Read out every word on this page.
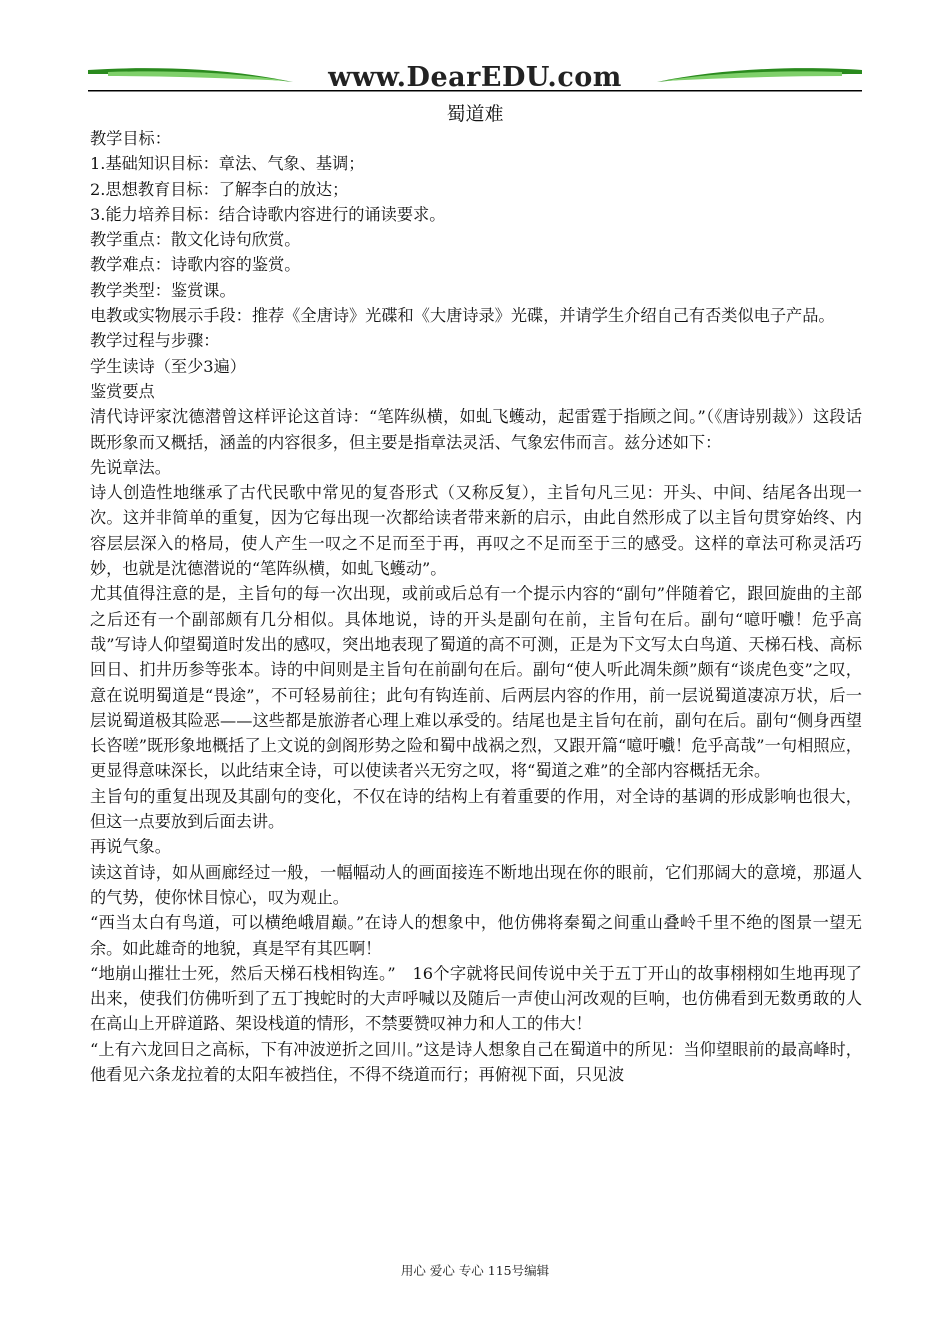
www.DearEDU.com
蜀道难

教学目标：

1.基础知识目标：章法、气象、基调；

2.思想教育目标：了解李白的放达；

3.能力培养目标：结合诗歌内容进行的诵读要求。

教学重点：散文化诗句欣赏。

教学难点：诗歌内容的鉴赏。

教学类型：鉴赏课。

电教或实物展示手段：推荐《全唐诗》光碟和《大唐诗录》光碟，并请学生介绍自己有否类似电子产品。

教学过程与步骤：

学生读诗（至少3遍）

鉴赏要点

清代诗评家沈德潜曾这样评论这首诗：“笔阵纵横，如虬飞蠖动，起雷霆于指顾之间。”（《唐诗别裁》）这段话既形象而又概括，涵盖的内容很多，但主要是指章法灵活、气象宏伟而言。兹分述如下：

先说章法。

诗人创造性地继承了古代民歌中常见的复沓形式（又称反复），主旨句凡三见：开头、中间、结尾各出现一次。这并非简单的重复，因为它每出现一次都给读者带来新的启示，由此自然形成了以主旨句贯穿始终、内容层层深入的格局，使人产生一叹之不足而至于再，再叹之不足而至于三的感受。这样的章法可称灵活巧妙，也就是沈德潜说的“笔阵纵横，如虬飞蠖动”。

尤其值得注意的是，主旨句的每一次出现，或前或后总有一个提示内容的“副句”伴随着它，跟回旋曲的主部之后还有一个副部颇有几分相似。具体地说，诗的开头是副句在前，主旨句在后。副句“噫吁嚱！危乎高哉”写诗人仰望蜀道时发出的感叹，突出地表现了蜀道的高不可测，正是为下文写太白鸟道、天梯石栈、高标回日、扪井历参等张本。诗的中间则是主旨句在前副句在后。副句“使人听此凋朱颜”颇有“谈虎色变”之叹，意在说明蜀道是“畏途”，不可轻易前往；此句有钩连前、后两层内容的作用，前一层说蜀道凄凉万状，后一层说蜀道极其险恶——这些都是旅游者心理上难以承受的。结尾也是主旨句在前，副句在后。副句“侧身西望长咨嗟”既形象地概括了上文说的剑阁形势之险和蜀中战祸之烈，又跟开篇“噫吁嚱！危乎高哉”一句相照应，更显得意味深长，以此结束全诗，可以使读者兴无穷之叹，将“蜀道之难”的全部内容概括无余。

主旨句的重复出现及其副句的变化，不仅在诗的结构上有着重要的作用，对全诗的基调的形成影响也很大，但这一点要放到后面去讲。

再说气象。

读这首诗，如从画廊经过一般，一幅幅动人的画面接连不断地出现在你的眼前，它们那阔大的意境，那逼人的气势，使你怵目惊心，叹为观止。

“西当太白有鸟道，可以横绝峨眉巅。”在诗人的想象中，他仿佛将秦蜀之间重山叠岭千里不绝的图景一望无余。如此雄奇的地貌，真是罕有其匹啊！

“地崩山摧壮士死，然后天梯石栈相钩连。”　16个字就将民间传说中关于五丁开山的故事栩栩如生地再现了出来，使我们仿佛听到了五丁拽蛇时的大声呼喊以及随后一声使山河改观的巨响，也仿佛看到无数勇敢的人在高山上开辟道路、架设栈道的情形，不禁要赞叹神力和人工的伟大！

“上有六龙回日之高标，下有冲波逆折之回川。”这是诗人想象自己在蜀道中的所见：当仰望眼前的最高峰时，他看见六条龙拉着的太阳车被挡住，不得不绕道而行；再俯视下面，只见波

用心 爱心 专心 115号编辑
